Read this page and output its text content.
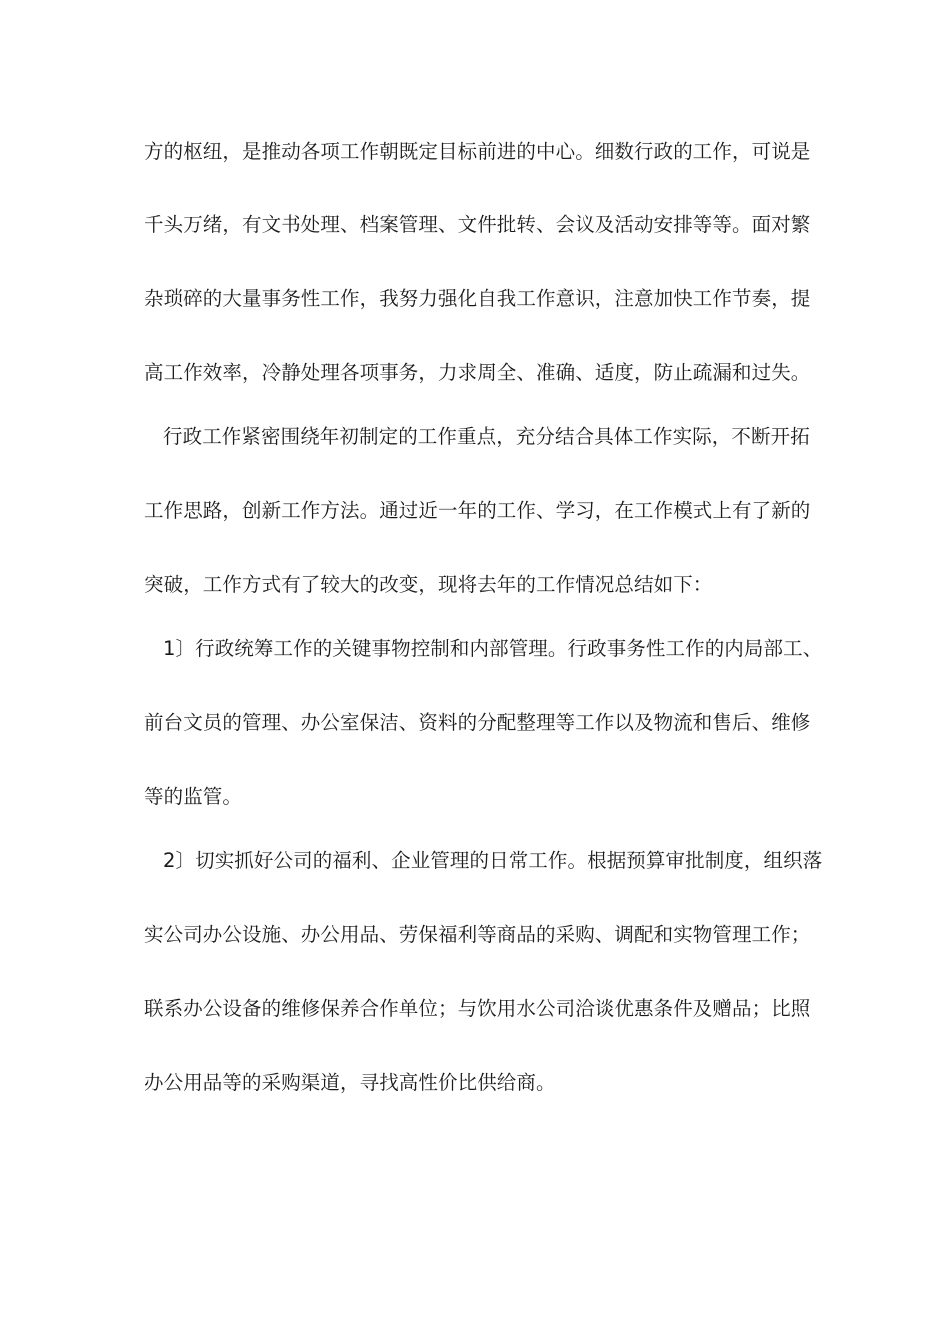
方的枢纽，是推动各项工作朝既定目标前进的中心。细数行政的工作，可说是
千头万绪，有文书处理、档案管理、文件批转、会议及活动安排等等。面对繁
杂琐碎的大量事务性工作，我努力强化自我工作意识，注意加快工作节奏，提
高工作效率，冷静处理各项事务，力求周全、准确、适度，防止疏漏和过失。
行政工作紧密围绕年初制定的工作重点，充分结合具体工作实际，不断开拓
工作思路，创新工作方法。通过近一年的工作、学习，在工作模式上有了新的
突破，工作方式有了较大的改变，现将去年的工作情况总结如下：
1〕行政统筹工作的关键事物控制和内部管理。行政事务性工作的内局部工、
前台文员的管理、办公室保洁、资料的分配整理等工作以及物流和售后、维修
等的监管。
2〕切实抓好公司的福利、企业管理的日常工作。根据预算审批制度，组织落
实公司办公设施、办公用品、劳保福利等商品的采购、调配和实物管理工作；
联系办公设备的维修保养合作单位；与饮用水公司洽谈优惠条件及赠品；比照
办公用品等的采购渠道，寻找高性价比供给商。
